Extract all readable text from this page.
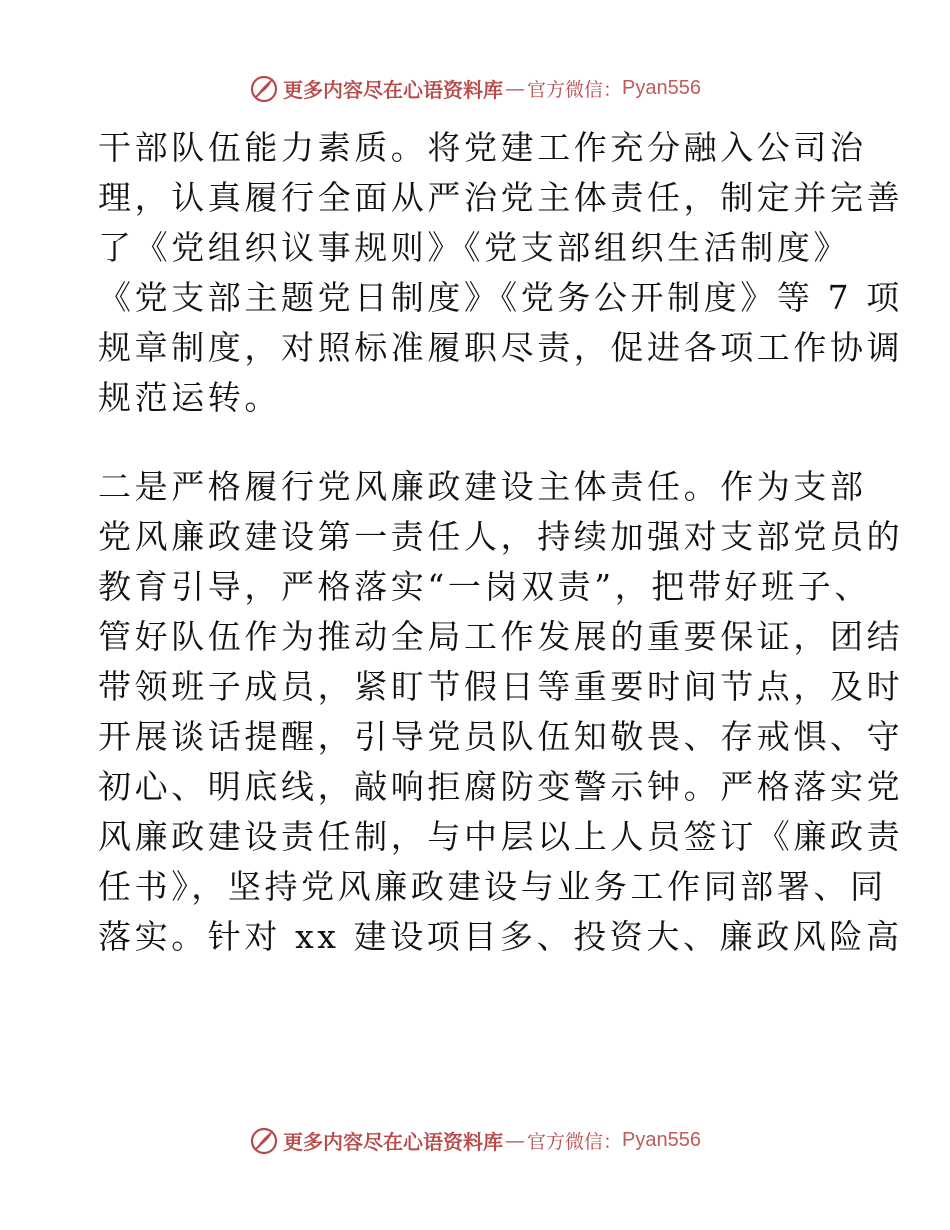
更多内容尽在心语资料库 — 官方微信： Pyan556

干部队伍能力素质。将党建工作充分融入公司治

理，认真履行全面从严治党主体责任，制定并完善

了《党组织议事规则》《党支部组织生活制度》

《党支部主题党日制度》《党务公开制度》等 7 项

规章制度，对照标准履职尽责，促进各项工作协调

规范运转。

二是严格履行党风廉政建设主体责任。作为支部

党风廉政建设第一责任人，持续加强对支部党员的

教育引导，严格落实“一岗双责”，把带好班子、

管好队伍作为推动全局工作发展的重要保证，团结

带领班子成员，紧盯节假日等重要时间节点，及时

开展谈话提醒，引导党员队伍知敬畏、存戒惧、守

初心、明底线，敲响拒腐防变警示钟。严格落实党

风廉政建设责任制，与中层以上人员签订《廉政责

任书》，坚持党风廉政建设与业务工作同部署、同

落实。针对 xx 建设项目多、投资大、廉政风险高

更多内容尽在心语资料库 — 官方微信： Pyan556
